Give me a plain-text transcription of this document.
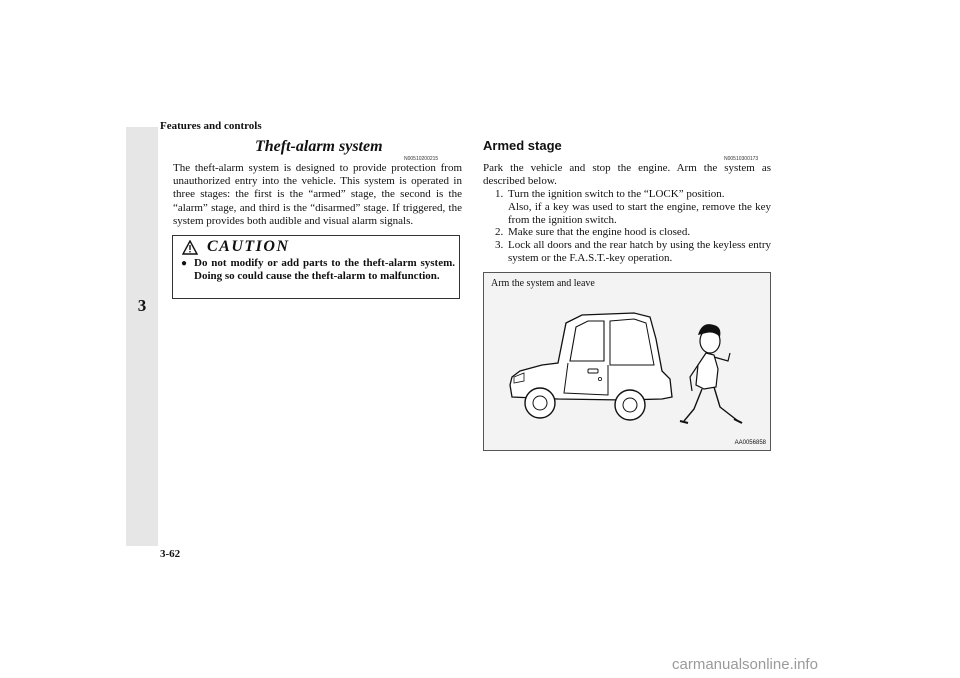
Features and controls
3
Theft-alarm system
N00510200215
The theft-alarm system is designed to provide protection from unauthorized entry into the vehicle. This system is operated in three stages: the first is the “armed” stage, the second is the “alarm” stage, and third is the “disarmed” stage. If triggered, the system provides both audible and visual alarm signals.
CAUTION
● Do not modify or add parts to the theft-alarm system. Doing so could cause the theft-alarm to malfunction.
Armed stage
N00510300173
Park the vehicle and stop the engine. Arm the system as described below.
1. Turn the ignition switch to the “LOCK” position.
Also, if a key was used to start the engine, remove the key from the ignition switch.
2. Make sure that the engine hood is closed.
3. Lock all doors and the rear hatch by using the keyless entry system or the F.A.S.T.-key operation.
Arm the system and leave
AA0056858
3-62
carmanualsonline.info
